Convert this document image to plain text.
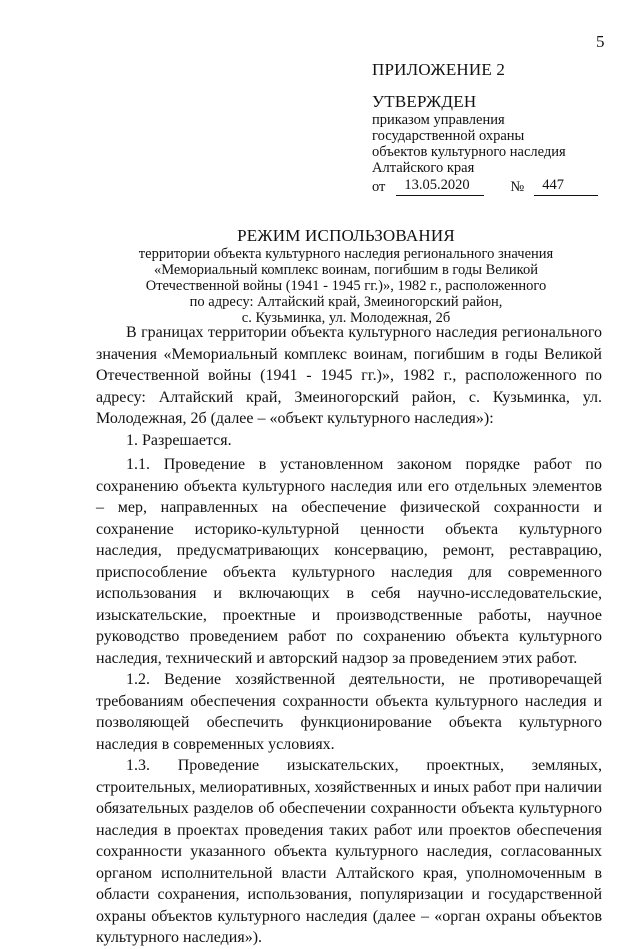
5
ПРИЛОЖЕНИЕ 2
УТВЕРЖДЕН
приказом управления
государственной охраны
объектов культурного наследия
Алтайского края
от	13.05.2020	№	447
РЕЖИМ ИСПОЛЬЗОВАНИЯ
территории объекта культурного наследия регионального значения
«Мемориальный комплекс воинам, погибшим в годы Великой
Отечественной войны (1941 - 1945 гг.)», 1982 г., расположенного
по адресу: Алтайский край, Змеиногорский район,
с. Кузьминка, ул. Молодежная, 2б

В границах территории объекта культурного наследия регионального значения «Мемориальный комплекс воинам, погибшим в годы Великой Отечественной войны (1941 - 1945 гг.)», 1982 г., расположенного по адресу: Алтайский край, Змеиногорский район, с. Кузьминка, ул. Молодежная, 2б (далее – «объект культурного наследия»):

1. Разрешается.

1.1. Проведение в установленном законом порядке работ по сохранению объекта культурного наследия или его отдельных элементов – мер, направленных на обеспечение физической сохранности и сохранение историко-культурной ценности объекта культурного наследия, предусматривающих консервацию, ремонт, реставрацию, приспособление объекта культурного наследия для современного использования и включающих в себя научно-исследовательские, изыскательские, проектные и производственные работы, научное руководство проведением работ по сохранению объекта культурного наследия, технический и авторский надзор за проведением этих работ.

1.2. Ведение хозяйственной деятельности, не противоречащей требованиям обеспечения сохранности объекта культурного наследия и позволяющей обеспечить функционирование объекта культурного наследия в современных условиях.

1.3. Проведение изыскательских, проектных, земляных, строительных, мелиоративных, хозяйственных и иных работ при наличии обязательных разделов об обеспечении сохранности объекта культурного наследия в проектах проведения таких работ или проектов обеспечения сохранности указанного объекта культурного наследия, согласованных органом исполнительной власти Алтайского края, уполномоченным в области сохранения, использования, популяризации и государственной охраны объектов культурного наследия (далее – «орган охраны объектов культурного наследия»).
